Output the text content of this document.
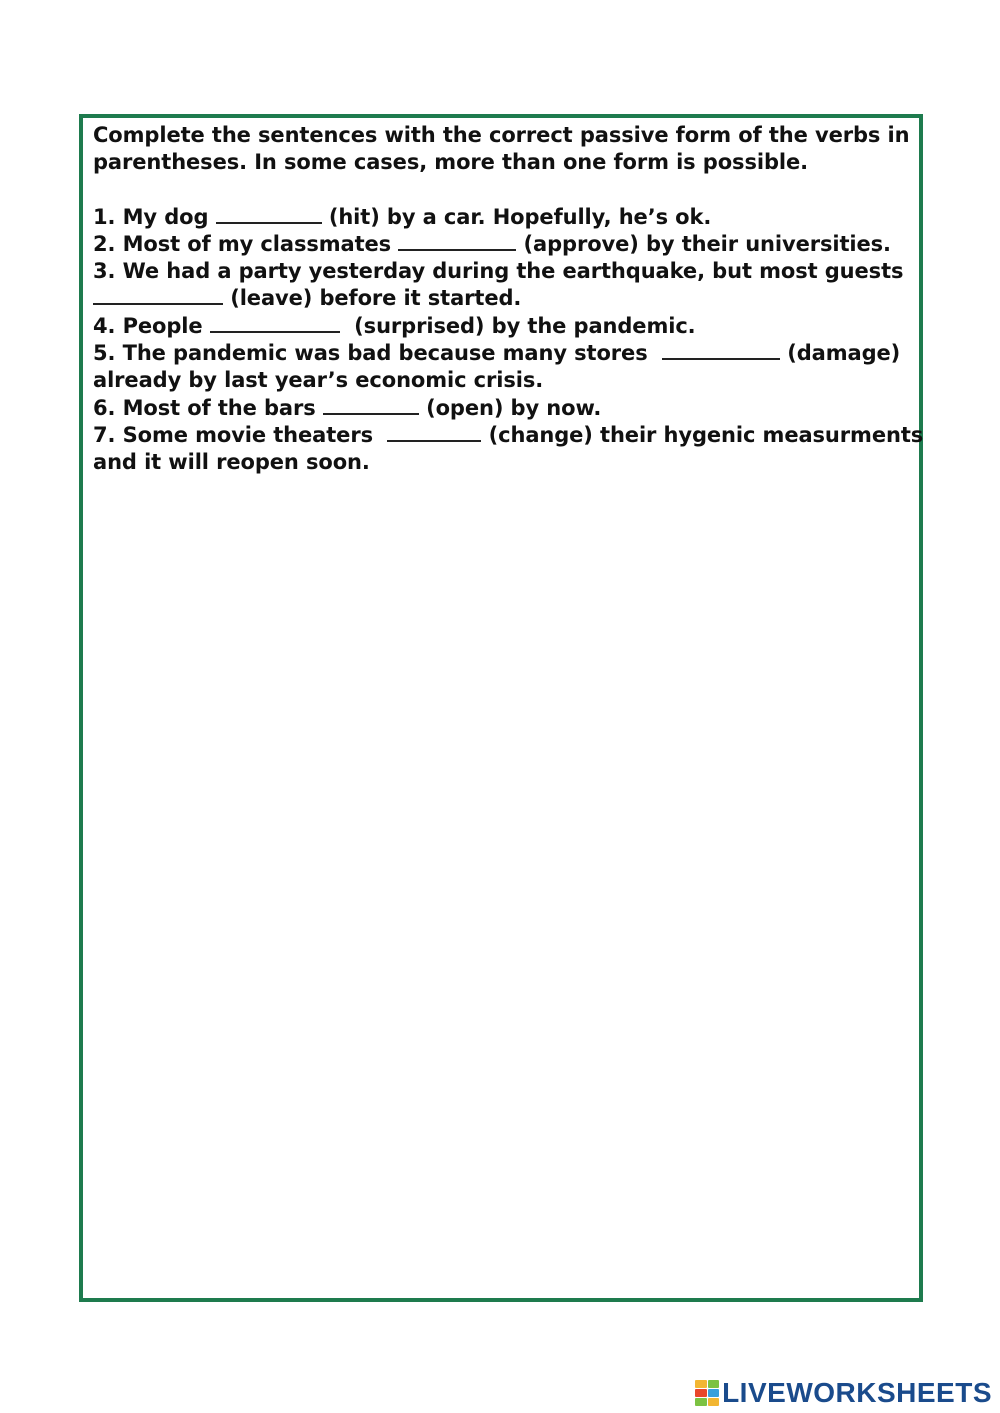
Complete the sentences with the correct passive form of the verbs in
parentheses. In some cases, more than one form is possible.
1. My dog	(hit) by a car. Hopefully, he’s ok.
2. Most of my classmates	(approve) by their universities.
3. We had a party yesterday during the earthquake, but most guests
(leave) before it started.
4. People	(surprised) by the pandemic.
5. The pandemic was bad because many stores	(damage)
already by last year’s economic crisis.
6. Most of the bars	(open) by now.
7. Some movie theaters	(change) their hygenic measurments
and it will reopen soon.
LIVEWORKSHEETS
